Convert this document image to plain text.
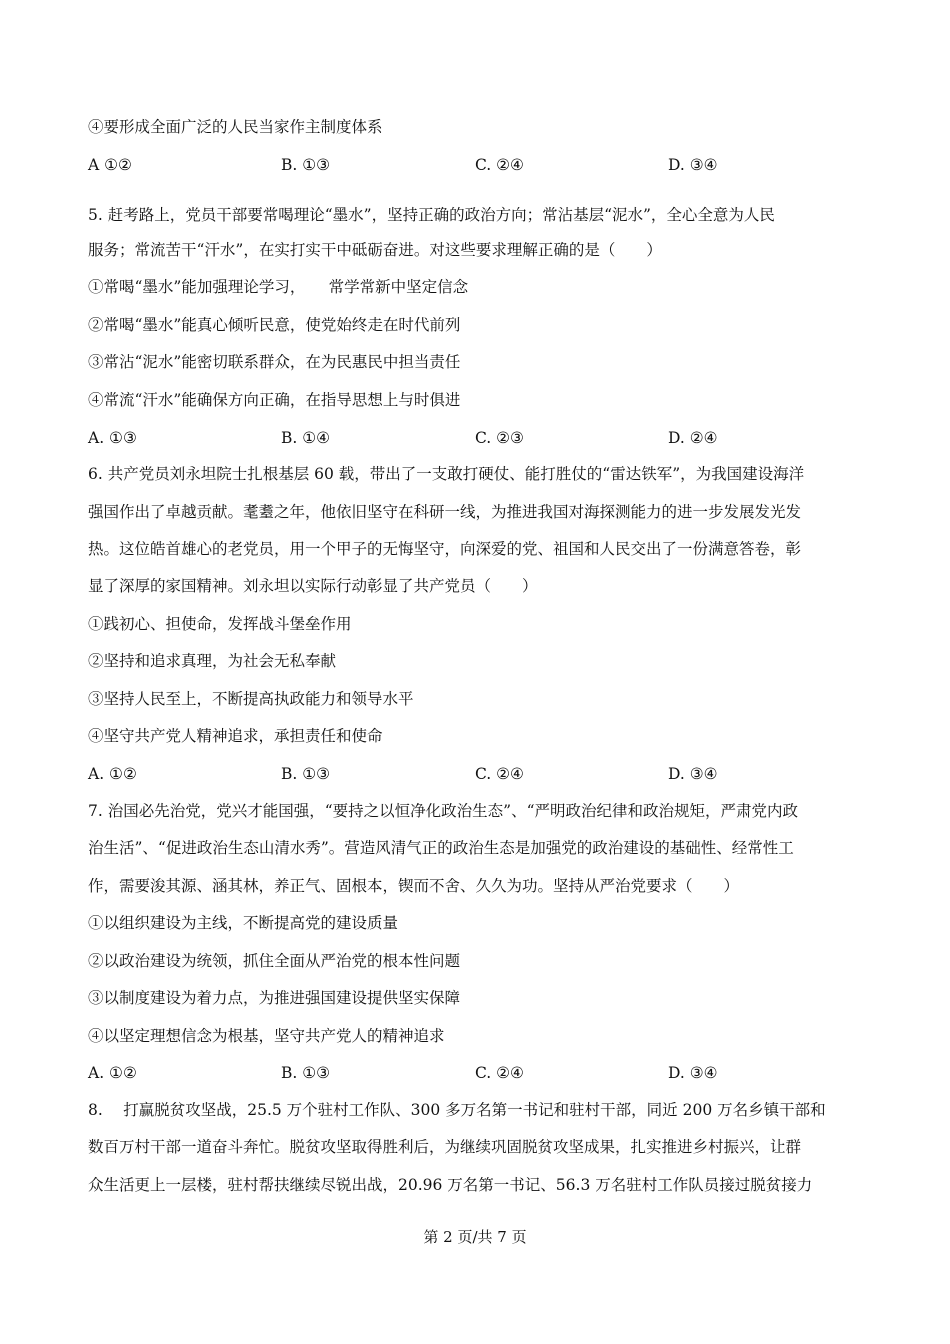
④要形成全面广泛的人民当家作主制度体系
A ①②	B. ①③	C. ②④	D. ③④
5. 赶考路上，党员干部要常喝理论“墨水”，坚持正确的政治方向；常沾基层“泥水”，全心全意为人民
服务；常流苦干“汗水”，在实打实干中砥砺奋进。对这些要求理解正确的是（　　）
①常喝“墨水”能加强理论学习，　　常学常新中坚定信念
②常喝“墨水”能真心倾听民意，使党始终走在时代前列
③常沾“泥水”能密切联系群众，在为民惠民中担当责任
④常流“汗水”能确保方向正确，在指导思想上与时俱进
A. ①③	B. ①④	C. ②③	D. ②④
6. 共产党员刘永坦院士扎根基层 60 载，带出了一支敢打硬仗、能打胜仗的“雷达铁军”，为我国建设海洋
强国作出了卓越贡献。耄耋之年，他依旧坚守在科研一线，为推进我国对海探测能力的进一步发展发光发
热。这位皓首雄心的老党员，用一个甲子的无悔坚守，向深爱的党、祖国和人民交出了一份满意答卷，彰
显了深厚的家国精神。刘永坦以实际行动彰显了共产党员（　　）
①践初心、担使命，发挥战斗堡垒作用
②坚持和追求真理，为社会无私奉献
③坚持人民至上，不断提高执政能力和领导水平
④坚守共产党人精神追求，承担责任和使命
A. ①②	B. ①③	C. ②④	D. ③④
7. 治国必先治党，党兴才能国强，“要持之以恒净化政治生态”、“严明政治纪律和政治规矩，严肃党内政
治生活”、“促进政治生态山清水秀”。营造风清气正的政治生态是加强党的政治建设的基础性、经常性工
作，需要浚其源、涵其林，养正气、固根本，锲而不舍、久久为功。坚持从严治党要求（　　）
①以组织建设为主线，不断提高党的建设质量
②以政治建设为统领，抓住全面从严治党的根本性问题
③以制度建设为着力点，为推进强国建设提供坚实保障
④以坚定理想信念为根基，坚守共产党人的精神追求
A. ①②	B. ①③	C. ②④	D. ③④
8.　 打赢脱贫攻坚战，25.5 万个驻村工作队、300 多万名第一书记和驻村干部，同近 200 万名乡镇干部和
数百万村干部一道奋斗奔忙。脱贫攻坚取得胜利后，为继续巩固脱贫攻坚成果，扎实推进乡村振兴，让群
众生活更上一层楼，驻村帮扶继续尽锐出战，20.96 万名第一书记、56.3 万名驻村工作队员接过脱贫接力
第 2 页/共 7 页
